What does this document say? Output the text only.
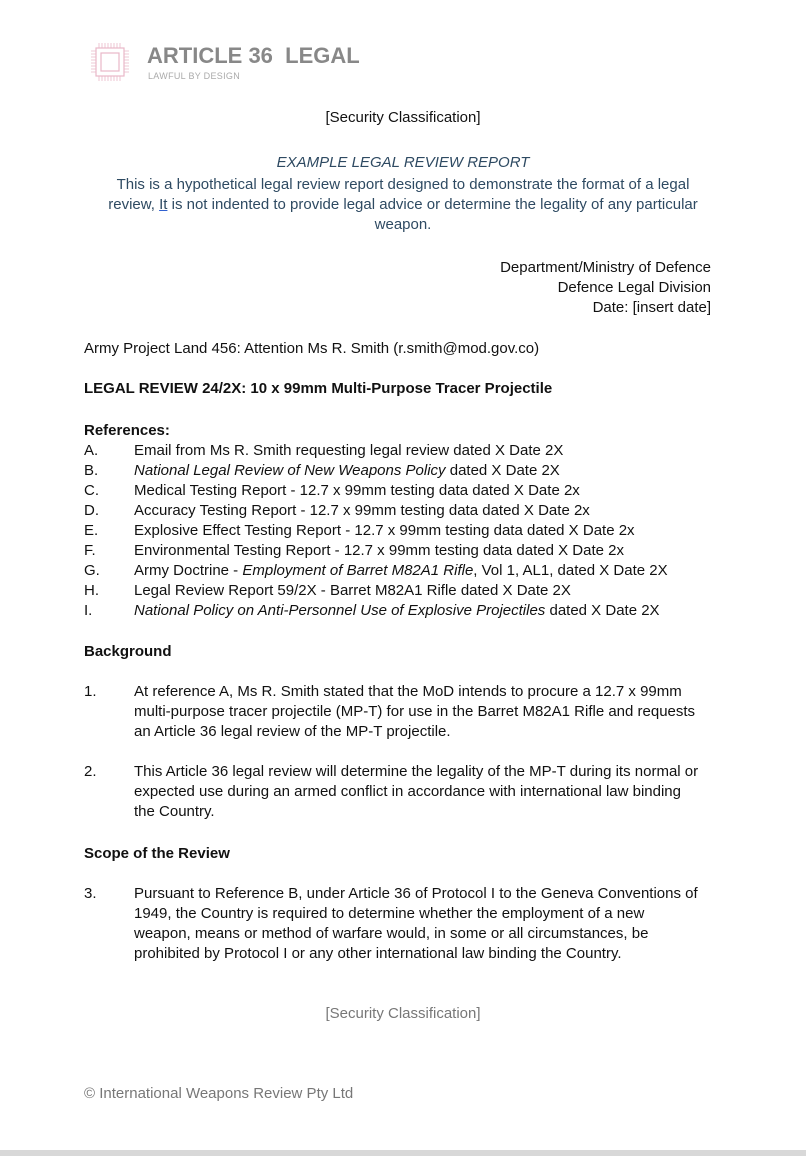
ARTICLE 36  LEGAL
LAWFUL BY DESIGN
[Security Classification]
EXAMPLE LEGAL REVIEW REPORT
This is a hypothetical legal review report designed to demonstrate the format of a legal review, It is not indented to provide legal advice or determine the legality of any particular weapon.
Department/Ministry of Defence
Defence Legal Division
Date: [insert date]
Army Project Land 456: Attention Ms R. Smith (r.smith@mod.gov.co)
LEGAL REVIEW 24/2X: 10 x 99mm Multi-Purpose Tracer Projectile
References:
A. Email from Ms R. Smith requesting legal review dated X Date 2X
B. National Legal Review of New Weapons Policy dated X Date 2X
C. Medical Testing Report - 12.7 x 99mm testing data dated X Date 2x
D. Accuracy Testing Report - 12.7 x 99mm testing data dated X Date 2x
E. Explosive Effect Testing Report - 12.7 x 99mm testing data dated X Date 2x
F.	Environmental Testing Report - 12.7 x 99mm testing data dated X Date 2x
G. Army Doctrine - Employment of Barret M82A1 Rifle, Vol 1, AL1, dated X Date 2X
H. Legal Review Report 59/2X - Barret M82A1 Rifle dated X Date 2X
I.	National Policy on Anti-Personnel Use of Explosive Projectiles dated X Date 2X
Background
1. At reference A, Ms R. Smith stated that the MoD intends to procure a 12.7 x 99mm multi-purpose tracer projectile (MP-T) for use in the Barret M82A1 Rifle and requests an Article 36 legal review of the MP-T projectile.
2. This Article 36 legal review will determine the legality of the MP-T during its normal or expected use during an armed conflict in accordance with international law binding the Country.
Scope of the Review
3. Pursuant to Reference B, under Article 36 of Protocol I to the Geneva Conventions of 1949, the Country is required to determine whether the employment of a new weapon, means or method of warfare would, in some or all circumstances, be prohibited by Protocol I or any other international law binding the Country.
[Security Classification]
© International Weapons Review Pty Ltd
